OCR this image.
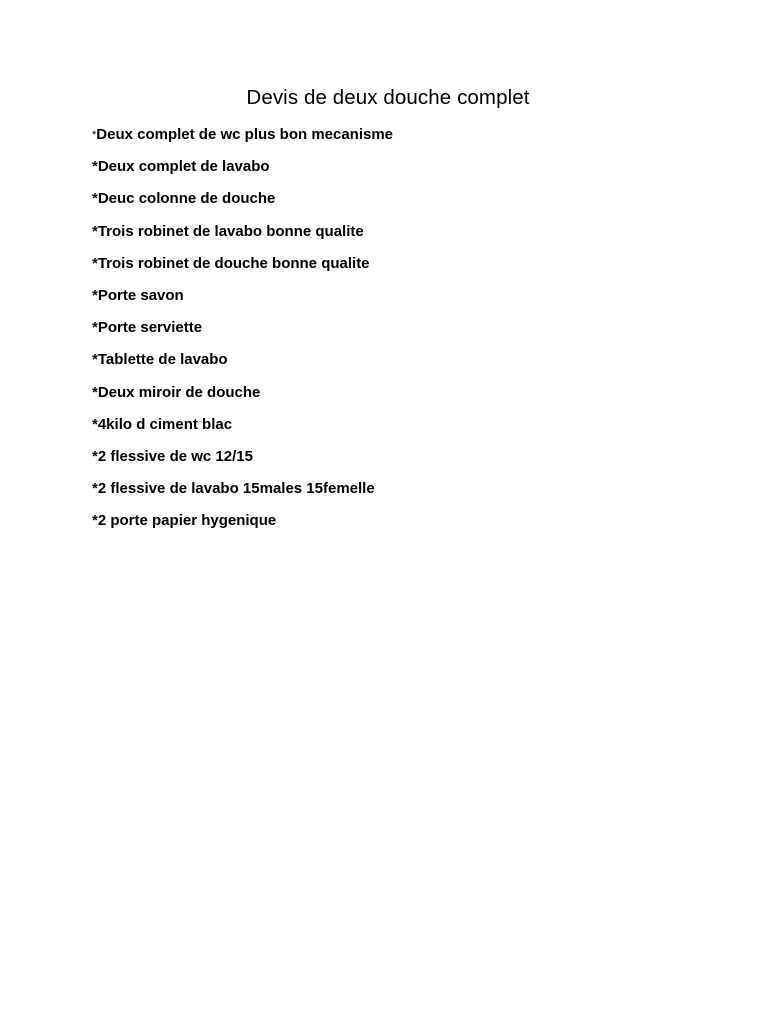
Devis de deux douche complet
*Deux complet de wc plus bon mecanisme
*Deux complet de lavabo
*Deuc colonne de douche
*Trois robinet de lavabo bonne qualite
*Trois robinet de douche bonne qualite
*Porte savon
*Porte serviette
*Tablette de lavabo
*Deux miroir de douche
*4kilo d ciment blac
*2 flessive de wc 12/15
*2 flessive de lavabo 15males 15femelle
*2 porte papier hygenique
